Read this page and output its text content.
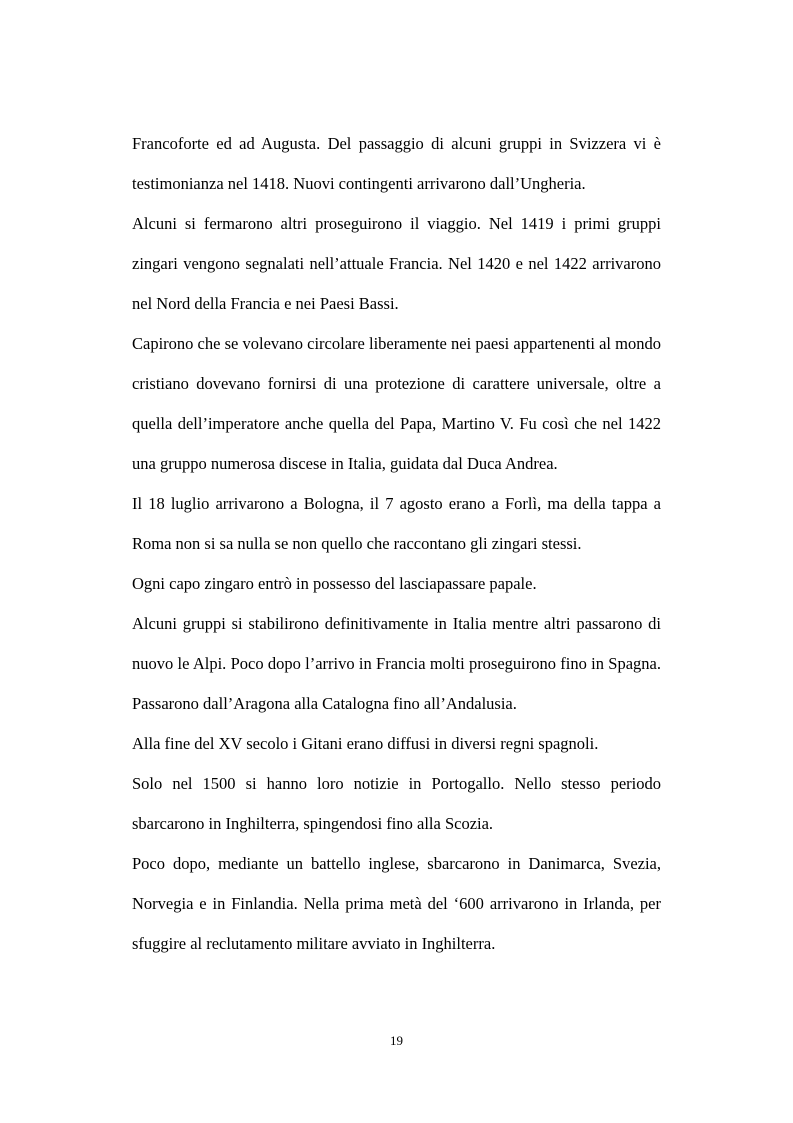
Francoforte ed ad Augusta. Del passaggio di alcuni gruppi in Svizzera vi è testimonianza nel 1418. Nuovi contingenti arrivarono dall’Ungheria.

Alcuni si fermarono altri proseguirono il viaggio. Nel 1419 i primi gruppi zingari vengono segnalati nell’attuale Francia. Nel 1420 e nel 1422 arrivarono nel Nord della Francia e nei Paesi Bassi.

Capirono che se volevano circolare liberamente nei paesi appartenenti al mondo cristiano dovevano fornirsi di una protezione di carattere universale, oltre a quella dell’imperatore anche quella del Papa, Martino V. Fu così che nel 1422 una gruppo numerosa discese in Italia, guidata dal Duca Andrea.

Il 18 luglio arrivarono a Bologna, il 7 agosto erano a Forlì, ma della tappa a Roma non si sa nulla se non quello che raccontano gli zingari stessi.

Ogni capo zingaro entrò in possesso del lasciapassare papale.

Alcuni gruppi si stabilirono definitivamente in Italia mentre altri passarono di nuovo le Alpi. Poco dopo l’arrivo in Francia molti proseguirono fino in Spagna. Passarono dall’Aragona alla Catalogna fino all’Andalusia.

Alla fine del XV secolo i Gitani erano diffusi in diversi regni spagnoli.

Solo nel 1500 si hanno loro notizie in Portogallo. Nello stesso periodo sbarcarono in Inghilterra, spingendosi fino alla Scozia.

Poco dopo, mediante un battello inglese, sbarcarono in Danimarca, Svezia, Norvegia e in Finlandia. Nella prima metà del ‘600 arrivarono in Irlanda, per sfuggire al reclutamento militare avviato in Inghilterra.

19
